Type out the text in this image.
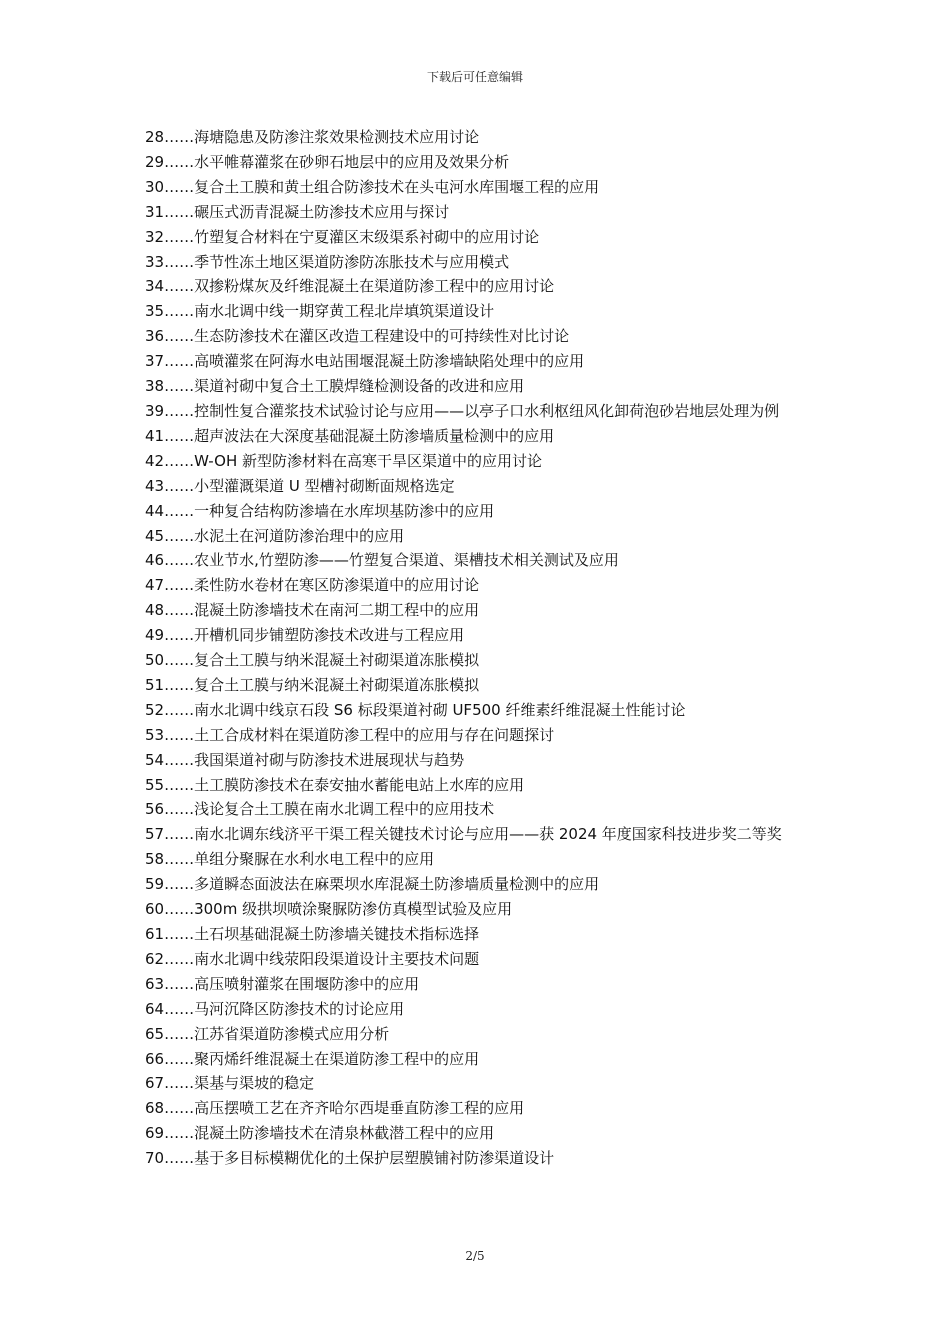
下载后可任意编辑
28……海塘隐患及防渗注浆效果检测技术应用讨论
29……水平帷幕灌浆在砂卵石地层中的应用及效果分析
30……复合土工膜和黄土组合防渗技术在头屯河水库围堰工程的应用
31……碾压式沥青混凝土防渗技术应用与探讨
32……竹塑复合材料在宁夏灌区末级渠系衬砌中的应用讨论
33……季节性冻土地区渠道防渗防冻胀技术与应用模式
34……双掺粉煤灰及纤维混凝土在渠道防渗工程中的应用讨论
35……南水北调中线一期穿黄工程北岸填筑渠道设计
36……生态防渗技术在灌区改造工程建设中的可持续性对比讨论
37……高喷灌浆在阿海水电站围堰混凝土防渗墙缺陷处理中的应用
38……渠道衬砌中复合土工膜焊缝检测设备的改进和应用
39……控制性复合灌浆技术试验讨论与应用——以亭子口水利枢纽风化卸荷泡砂岩地层处理为例
41……超声波法在大深度基础混凝土防渗墙质量检测中的应用
42……W-OH 新型防渗材料在高寒干旱区渠道中的应用讨论
43……小型灌溉渠道 U 型槽衬砌断面规格选定
44……一种复合结构防渗墙在水库坝基防渗中的应用
45……水泥土在河道防渗治理中的应用
46……农业节水,竹塑防渗——竹塑复合渠道、渠槽技术相关测试及应用
47……柔性防水卷材在寒区防渗渠道中的应用讨论
48……混凝土防渗墙技术在南河二期工程中的应用
49……开槽机同步铺塑防渗技术改进与工程应用
50……复合土工膜与纳米混凝土衬砌渠道冻胀模拟
51……复合土工膜与纳米混凝土衬砌渠道冻胀模拟
52……南水北调中线京石段 S6 标段渠道衬砌 UF500 纤维素纤维混凝土性能讨论
53……土工合成材料在渠道防渗工程中的应用与存在问题探讨
54……我国渠道衬砌与防渗技术进展现状与趋势
55……土工膜防渗技术在泰安抽水蓄能电站上水库的应用
56……浅论复合土工膜在南水北调工程中的应用技术
57……南水北调东线济平干渠工程关键技术讨论与应用——获 2024 年度国家科技进步奖二等奖
58……单组分聚脲在水利水电工程中的应用
59……多道瞬态面波法在麻栗坝水库混凝土防渗墙质量检测中的应用
60……300m 级拱坝喷涂聚脲防渗仿真模型试验及应用
61……土石坝基础混凝土防渗墙关键技术指标选择
62……南水北调中线荥阳段渠道设计主要技术问题
63……高压喷射灌浆在围堰防渗中的应用
64……马河沉降区防渗技术的讨论应用
65……江苏省渠道防渗模式应用分析
66……聚丙烯纤维混凝土在渠道防渗工程中的应用
67……渠基与渠坡的稳定
68……高压摆喷工艺在齐齐哈尔西堤垂直防渗工程的应用
69……混凝土防渗墙技术在清泉林截潜工程中的应用
70……基于多目标模糊优化的土保护层塑膜铺衬防渗渠道设计
2/5
